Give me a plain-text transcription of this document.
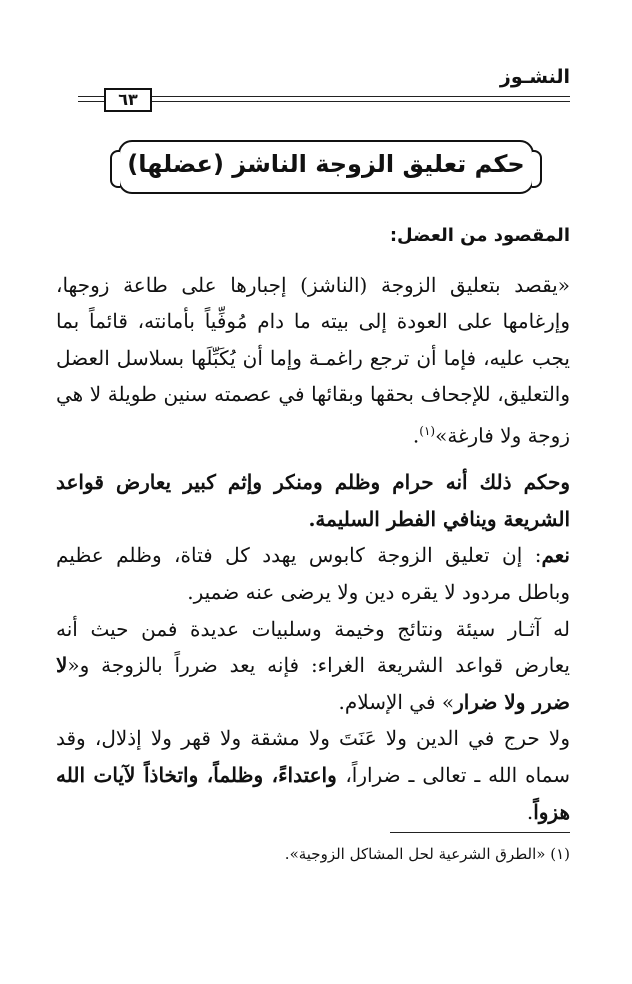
النشـوز
٦٣
حكم تعليق الزوجة الناشز (عضلها)

المقصود من العضل:

«يقصد بتعليق الزوجة (الناشز) إجبارها على طاعة زوجها، وإرغامها على العودة إلى بيته ما دام مُوفِّياً بأمانته، قائماً بما يجب عليه، فإما أن ترجع راغمـة وإما أن يُكَبِّلَها بسلاسل العضل والتعليق، للإجحاف بحقها وبقائها في عصمته سنين طويلة لا هي زوجة ولا فارغة»$^{(١)}$.

وحكم ذلك أنه حرام وظلم ومنكر وإثم كبير يعارض قواعد الشريعة وينافي الفطر السليمة.

نعم: إن تعليق الزوجة كابوس يهدد كل فتاة، وظلم عظيم وباطل مردود لا يقره دين ولا يرضى عنه ضمير.

له آثـار سيئة ونتائج وخيمة وسلبيات عديدة فمن حيث أنه يعارض قواعد الشريعة الغراء: فإنه يعد ضرراً بالزوجة و«لا ضرر ولا ضرار» في الإسلام.

ولا حرج في الدين ولا عَنَتَ ولا مشقة ولا قهر ولا إذلال، وقد سماه الله ـ تعالى ـ ضراراً، واعتداءً، وظلماً، واتخاذاً لآيات الله هزواً.

(١) «الطرق الشرعية لحل المشاكل الزوجية».
